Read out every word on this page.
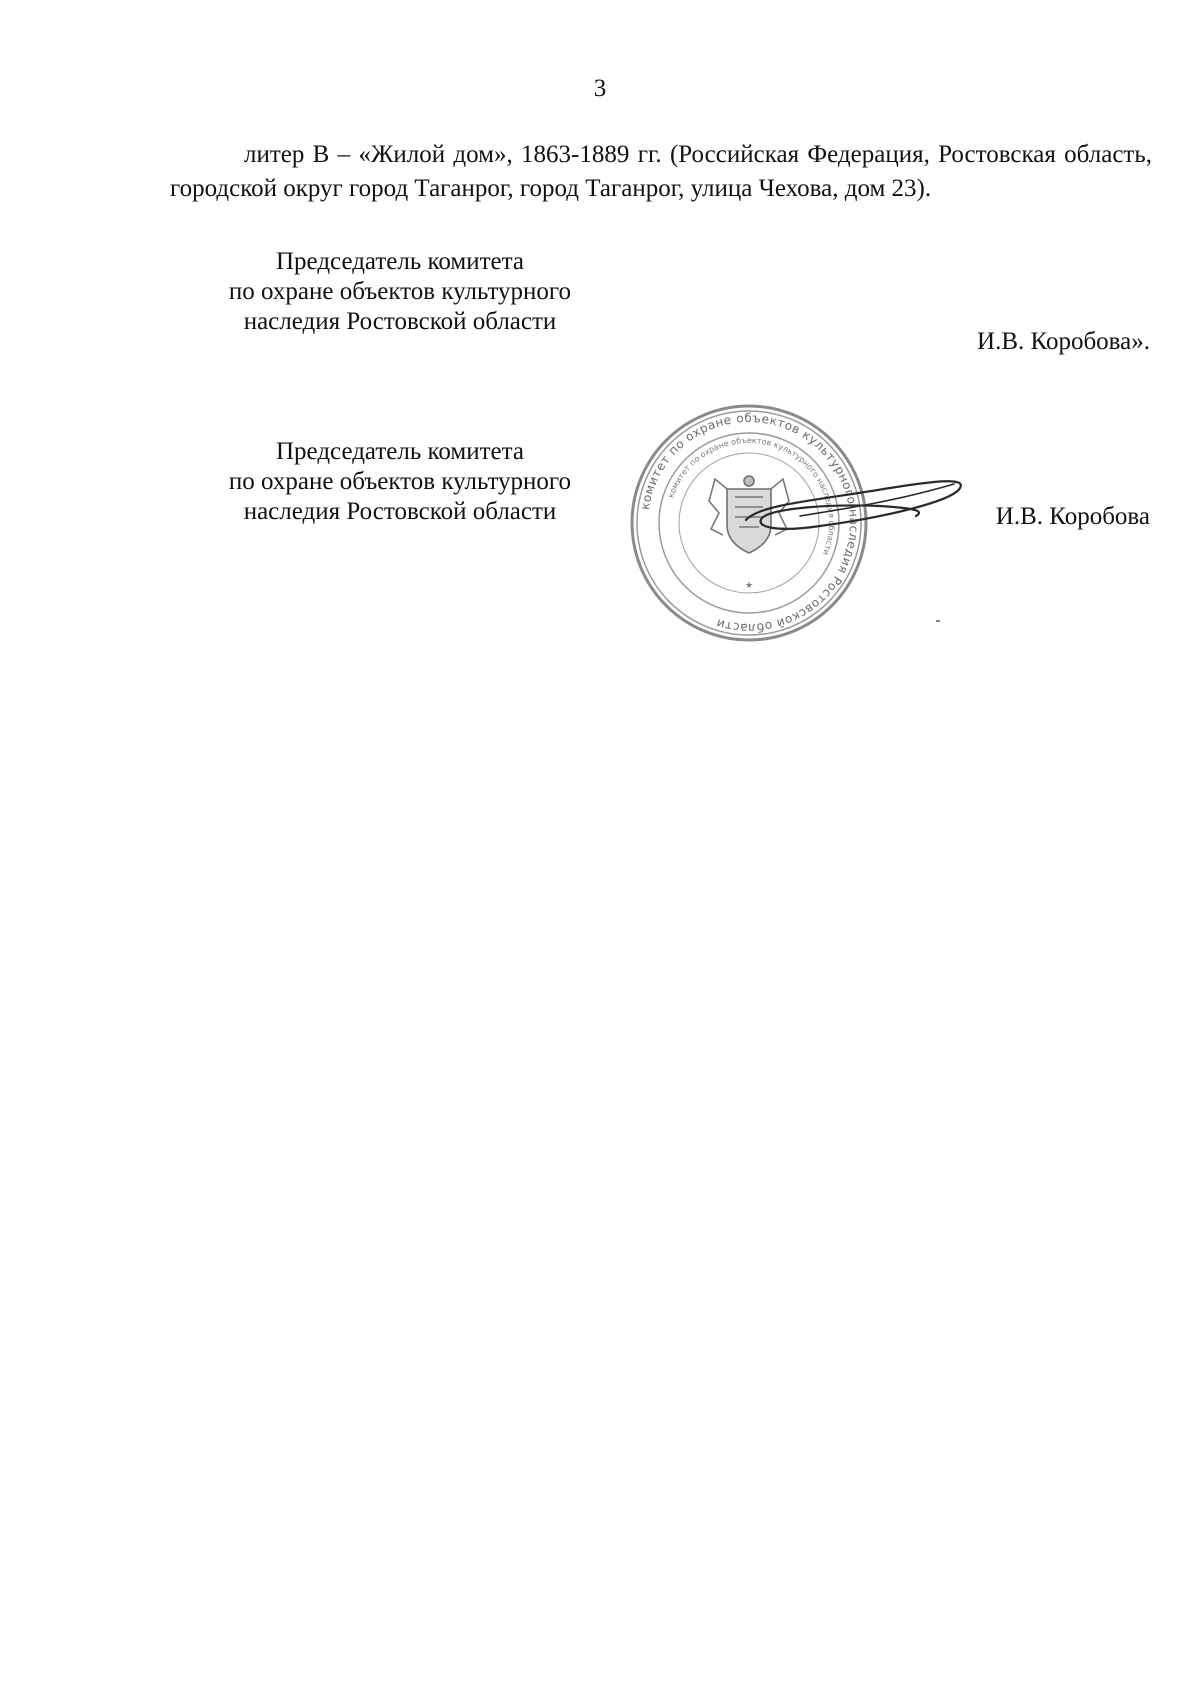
3
литер В – «Жилой дом», 1863-1889 гг. (Российская Федерация, Ростовская область, городской округ город Таганрог, город Таганрог, улица Чехова, дом 23).
Председатель комитета
по охране объектов культурного
наследия Ростовской области
И.В. Коробова».
Председатель комитета
по охране объектов культурного
наследия Ростовской области	И.В. Коробова
комитет по охране объектов культурного наследия Ростовской области
комитет по охране объектов культурного наследия области
★
